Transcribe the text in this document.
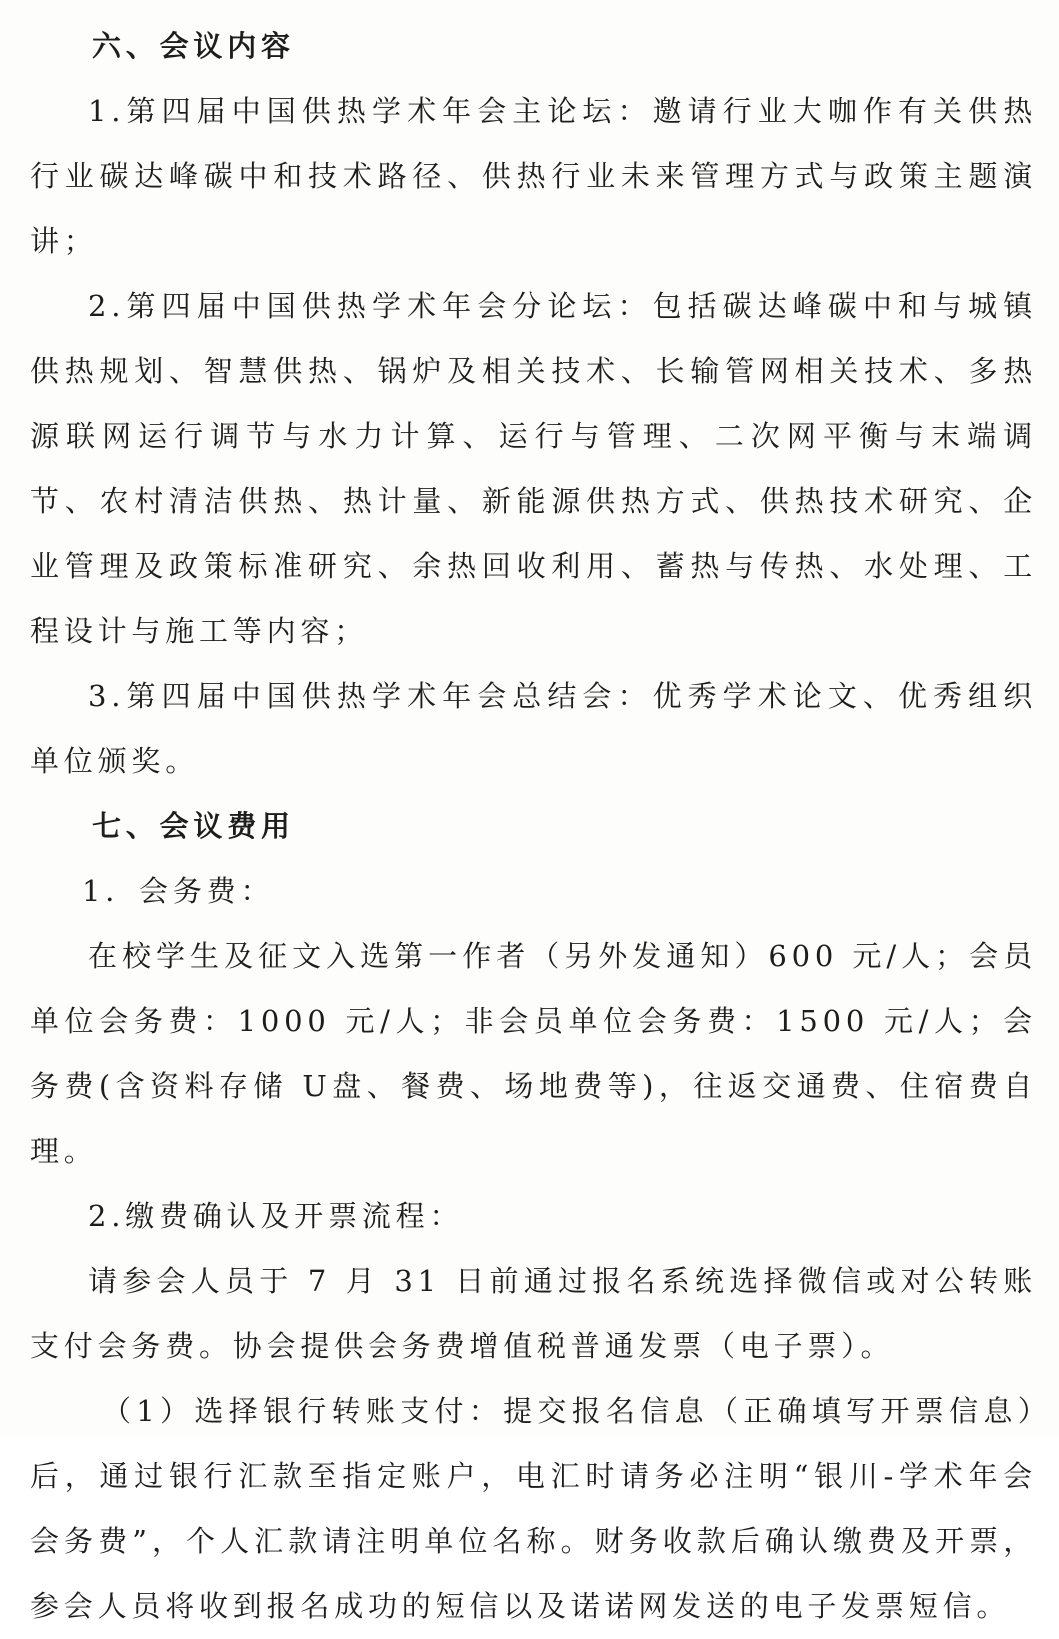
六、会议内容

1.第四届中国供热学术年会主论坛：邀请行业大咖作有关供热行业碳达峰碳中和技术路径、供热行业未来管理方式与政策主题演讲；

2.第四届中国供热学术年会分论坛：包括碳达峰碳中和与城镇供热规划、智慧供热、锅炉及相关技术、长输管网相关技术、多热源联网运行调节与水力计算、运行与管理、二次网平衡与末端调节、农村清洁供热、热计量、新能源供热方式、供热技术研究、企业管理及政策标准研究、余热回收利用、蓄热与传热、水处理、工程设计与施工等内容；

3.第四届中国供热学术年会总结会：优秀学术论文、优秀组织单位颁奖。

七、会议费用

1．会务费：

在校学生及征文入选第一作者（另外发通知）600 元/人；会员单位会务费：1000 元/人；非会员单位会务费：1500 元/人；会务费(含资料存储 U盘、餐费、场地费等)，往返交通费、住宿费自理。

2.缴费确认及开票流程：

请参会人员于 7 月 31 日前通过报名系统选择微信或对公转账支付会务费。协会提供会务费增值税普通发票（电子票）。

（1）选择银行转账支付：提交报名信息（正确填写开票信息）后，通过银行汇款至指定账户，电汇时请务必注明“银川-学术年会会务费”，个人汇款请注明单位名称。财务收款后确认缴费及开票，参会人员将收到报名成功的短信以及诺诺网发送的电子发票短信。
